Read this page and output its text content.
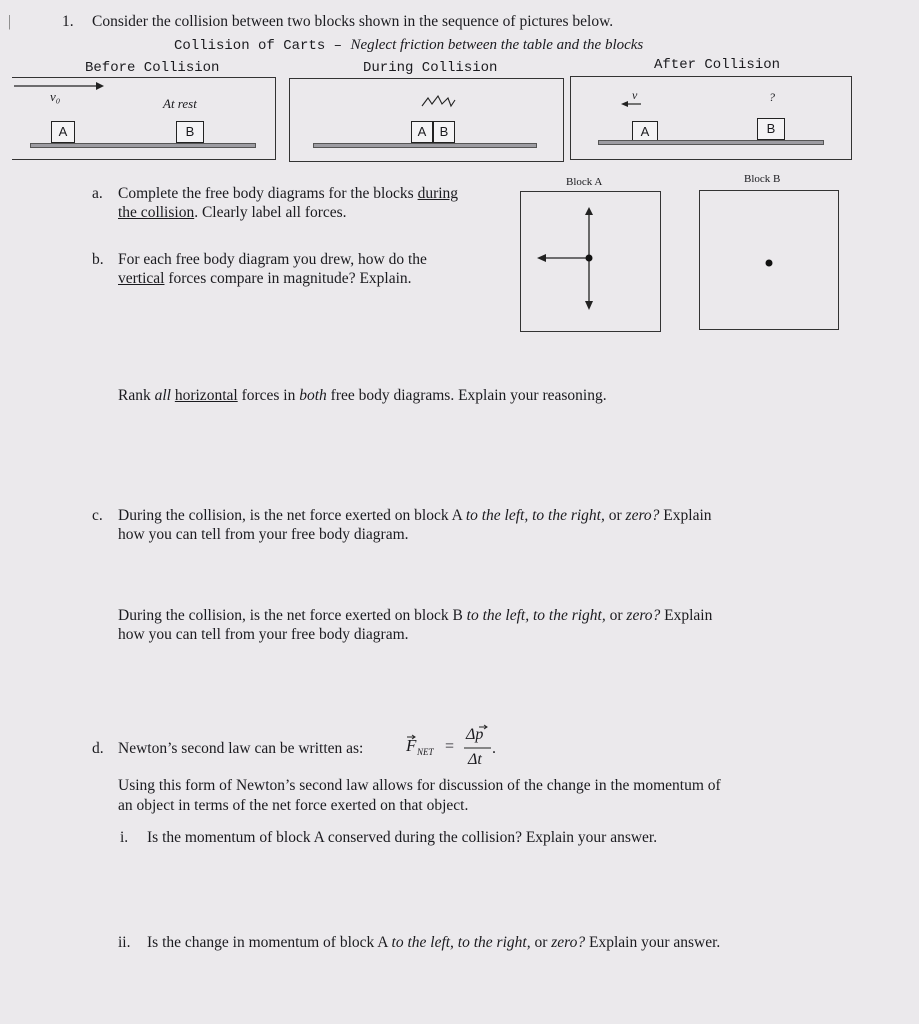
|	1. Consider the collision between two blocks shown in the sequence of pictures below.
Collision of Carts – Neglect friction between the table and the blocks
Before Collision	During Collision	After Collision
v₀	At rest
A	B	A	B
v	?
A	B
Block A	Block B
a. Complete the free body diagrams for the blocks during
the collision. Clearly label all forces.
b. For each free body diagram you drew, how do the
vertical forces compare in magnitude? Explain.
Rank all horizontal forces in both free body diagrams. Explain your reasoning.
c. During the collision, is the net force exerted on block A to the left, to the right, or zero? Explain
how you can tell from your free body diagram.
During the collision, is the net force exerted on block B to the left, to the right, or zero? Explain
how you can tell from your free body diagram.
d. Newton’s second law can be written as:	F NET =
Δp
Δt
.
Using this form of Newton’s second law allows for discussion of the change in the momentum of
an object in terms of the net force exerted on that object.
i. Is the momentum of block A conserved during the collision? Explain your answer.
ii. Is the change in momentum of block A to the left, to the right, or zero? Explain your answer.
